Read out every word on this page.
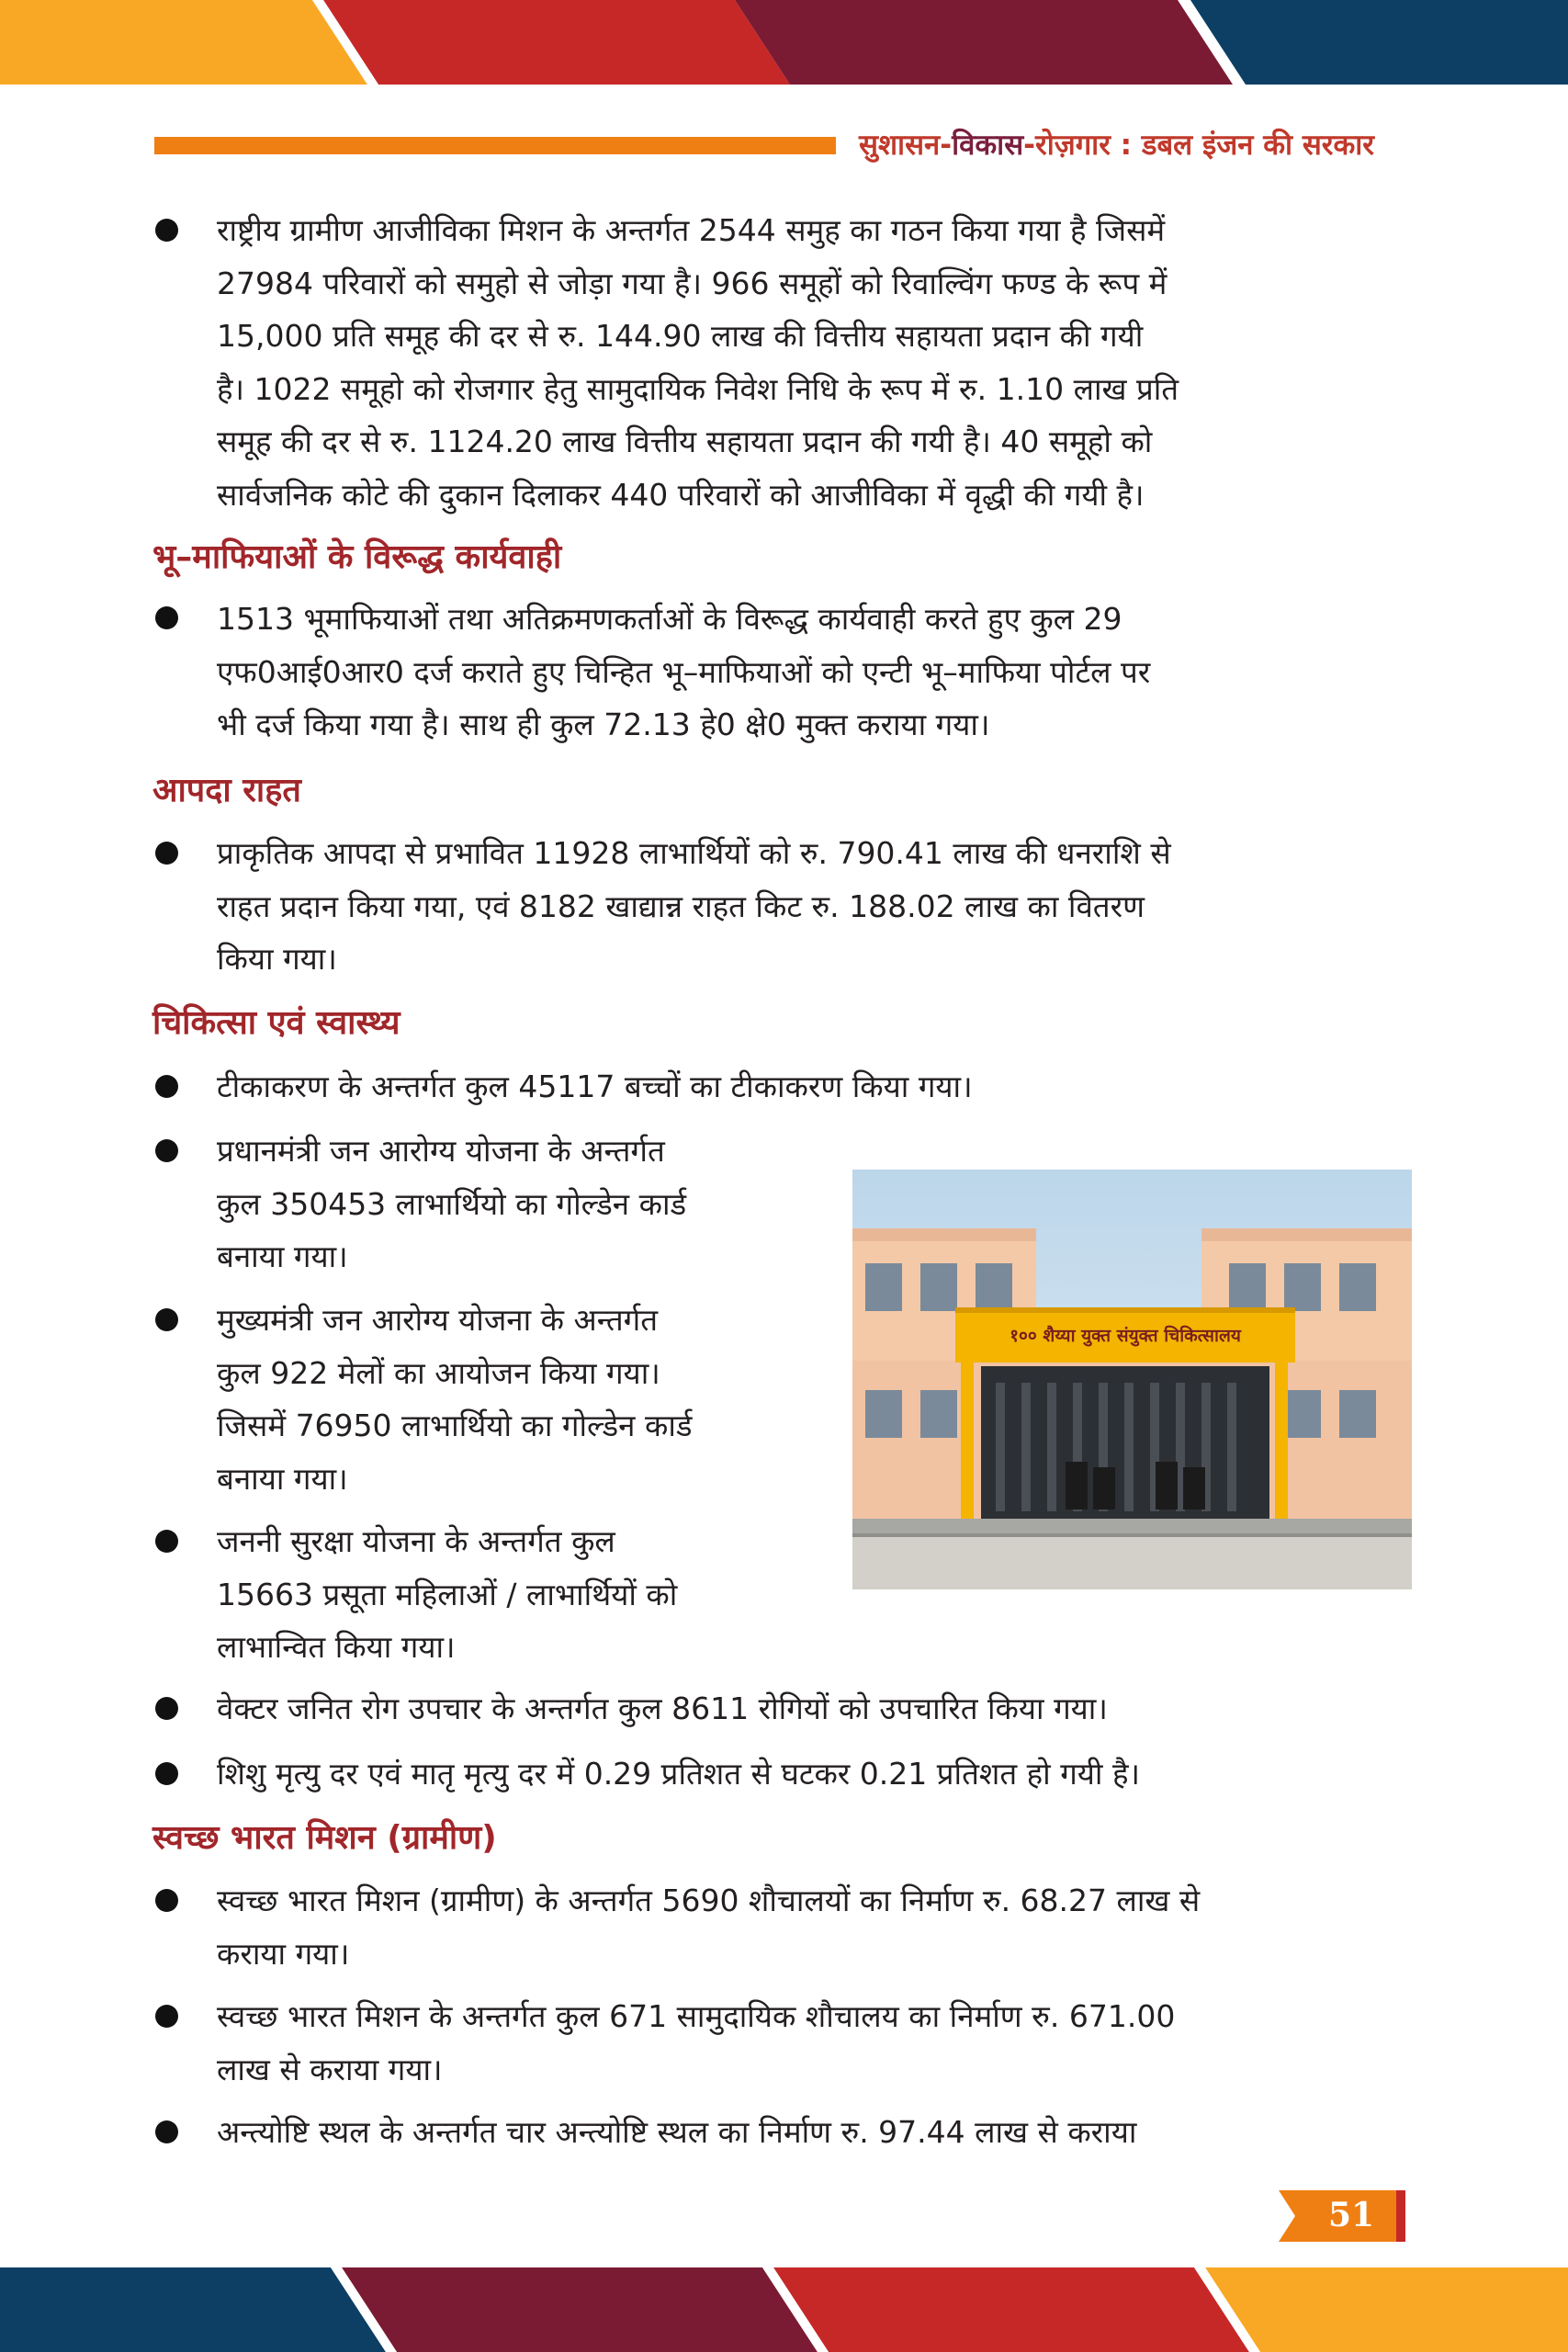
सुशासन-विकास-रोज़गार : डबल इंजन की सरकार
राष्ट्रीय ग्रामीण आजीविका मिशन के अन्तर्गत 2544 समुह का गठन किया गया है जिसमें
27984 परिवारों को समुहो से जोड़ा गया है। 966 समूहों को रिवाल्विंग फण्ड के रूप में
15,000 प्रति समूह की दर से रु. 144.90 लाख की वित्तीय सहायता प्रदान की गयी
है। 1022 समूहो को रोजगार हेतु सामुदायिक निवेश निधि के रूप में रु. 1.10 लाख प्रति
समूह की दर से रु. 1124.20 लाख वित्तीय सहायता प्रदान की गयी है। 40 समूहो को
सार्वजनिक कोटे की दुकान दिलाकर 440 परिवारों को आजीविका में वृद्धी की गयी है।
भू–माफियाओं के विरूद्ध कार्यवाही
1513 भूमाफियाओं तथा अतिक्रमणकर्ताओं के विरूद्ध कार्यवाही करते हुए कुल 29
एफ0आई0आर0 दर्ज कराते हुए चिन्हित भू–माफियाओं को एन्टी भू–माफिया पोर्टल पर
भी दर्ज किया गया है। साथ ही कुल 72.13 हे0 क्षे0 मुक्त कराया गया।
आपदा राहत
प्राकृतिक आपदा से प्रभावित 11928 लाभार्थियों को रु. 790.41 लाख की धनराशि से
राहत प्रदान किया गया, एवं 8182 खाद्यान्न राहत किट रु. 188.02 लाख का वितरण
किया गया।
चिकित्सा एवं स्वास्थ्य
टीकाकरण के अन्तर्गत कुल 45117 बच्चों का टीकाकरण किया गया।
प्रधानमंत्री जन आरोग्य योजना के अन्तर्गत
कुल 350453 लाभार्थियो का गोल्डेन कार्ड
बनाया गया।
मुख्यमंत्री जन आरोग्य योजना के अन्तर्गत
कुल 922 मेलों का आयोजन किया गया।
जिसमें 76950 लाभार्थियो का गोल्डेन कार्ड
बनाया गया।
जननी सुरक्षा योजना के अन्तर्गत कुल
15663 प्रसूता महिलाओं / लाभार्थियों को
लाभान्वित किया गया।
१०० शैय्या युक्त संयुक्त चिकित्सालय
वेक्टर जनित रोग उपचार के अन्तर्गत कुल 8611 रोगियों को उपचारित किया गया।
शिशु मृत्यु दर एवं मातृ मृत्यु दर में 0.29 प्रतिशत से घटकर 0.21 प्रतिशत हो गयी है।
स्वच्छ भारत मिशन (ग्रामीण)
स्वच्छ भारत मिशन (ग्रामीण) के अन्तर्गत 5690 शौचालयों का निर्माण रु. 68.27 लाख से
कराया गया।
स्वच्छ भारत मिशन के अन्तर्गत कुल 671 सामुदायिक शौचालय का निर्माण रु. 671.00
लाख से कराया गया।
अन्त्योष्टि स्थल के अन्तर्गत चार अन्त्योष्टि स्थल का निर्माण रु. 97.44 लाख से कराया
51
